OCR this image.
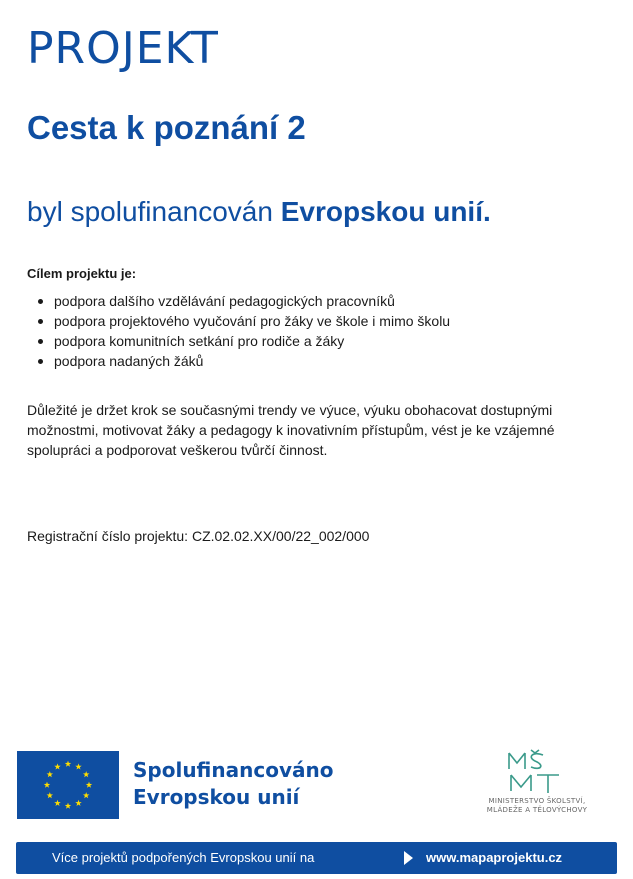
PROJEKT
Cesta k poznání 2
byl spolufinancován Evropskou unií.
Cílem projektu je:
podpora dalšího vzdělávání pedagogických pracovníků
podpora projektového vyučování pro žáky ve škole i mimo školu
podpora komunitních setkání pro rodiče a žáky
podpora nadaných žáků
Důležité je držet krok se současnými trendy ve výuce, výuku obohacovat dostupnými možnostmi, motivovat žáky a pedagogy k inovativním přístupům, vést je ke vzájemné spolupráci a podporovat veškerou tvůrčí činnost.
Registrační číslo projektu: CZ.02.02.XX/00/22_002/000
Spolufinancováno
Evropskou unií	MINISTERSTVO ŠKOLSTVÍ,
MLÁDEŽE A TĚLOVÝCHOVY
Více projektů podpořených Evropskou unií na	www.mapaprojektu.cz
